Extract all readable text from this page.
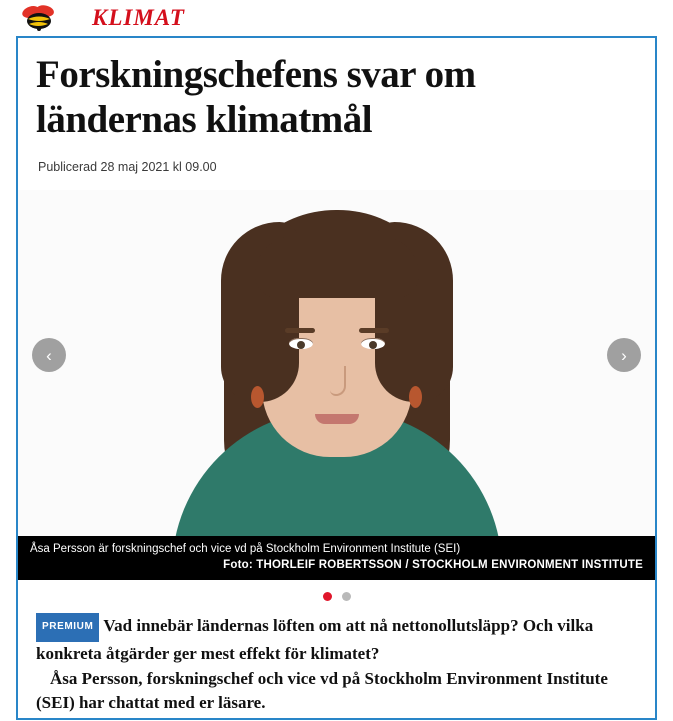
KLIMAT
Forskningschefens svar om ländernas klimatmål
Publicerad 28 maj 2021 kl 09.00
‹	›
Åsa Persson är forskningschef och vice vd på Stockholm Environment Institute (SEI)
Foto: THORLEIF ROBERTSSON / STOCKHOLM ENVIRONMENT INSTITUTE

PREMIUM Vad innebär ländernas löften om att nå nettonollutsläpp? Och vilka konkreta åtgärder ger mest effekt för klimatet?

Åsa Persson, forskningschef och vice vd på Stockholm Environment Institute (SEI) har chattat med er läsare.
